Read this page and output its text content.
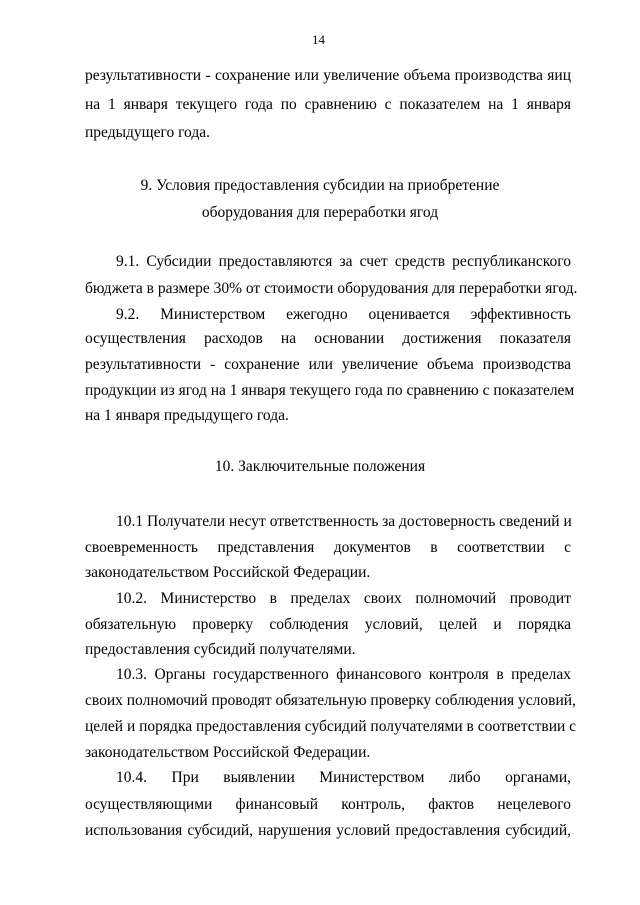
14
результативности - сохранение или увеличение объема производства яиц
на 1 января текущего года по сравнению с показателем на 1 января
предыдущего года.
9. Условия предоставления субсидии на приобретение
оборудования для переработки ягод
9.1. Субсидии предоставляются за счет средств республиканского
бюджета в размере 30% от стоимости оборудования для переработки ягод.
9.2. Министерством ежегодно оценивается эффективность
осуществления расходов на основании достижения показателя
результативности - сохранение или увеличение объема производства
продукции из ягод на 1 января текущего года по сравнению с показателем
на 1 января предыдущего года.
10. Заключительные положения
10.1 Получатели несут ответственность за достоверность сведений и
своевременность представления документов в соответствии с
законодательством Российской Федерации.
10.2. Министерство в пределах своих полномочий проводит
обязательную проверку соблюдения условий, целей и порядка
предоставления субсидий получателями.
10.3. Органы государственного финансового контроля в пределах
своих полномочий проводят обязательную проверку соблюдения условий,
целей и порядка предоставления субсидий получателями в соответствии с
законодательством Российской Федерации.
10.4. При выявлении Министерством либо органами,
осуществляющими финансовый контроль, фактов нецелевого
использования субсидий, нарушения условий предоставления субсидий,
